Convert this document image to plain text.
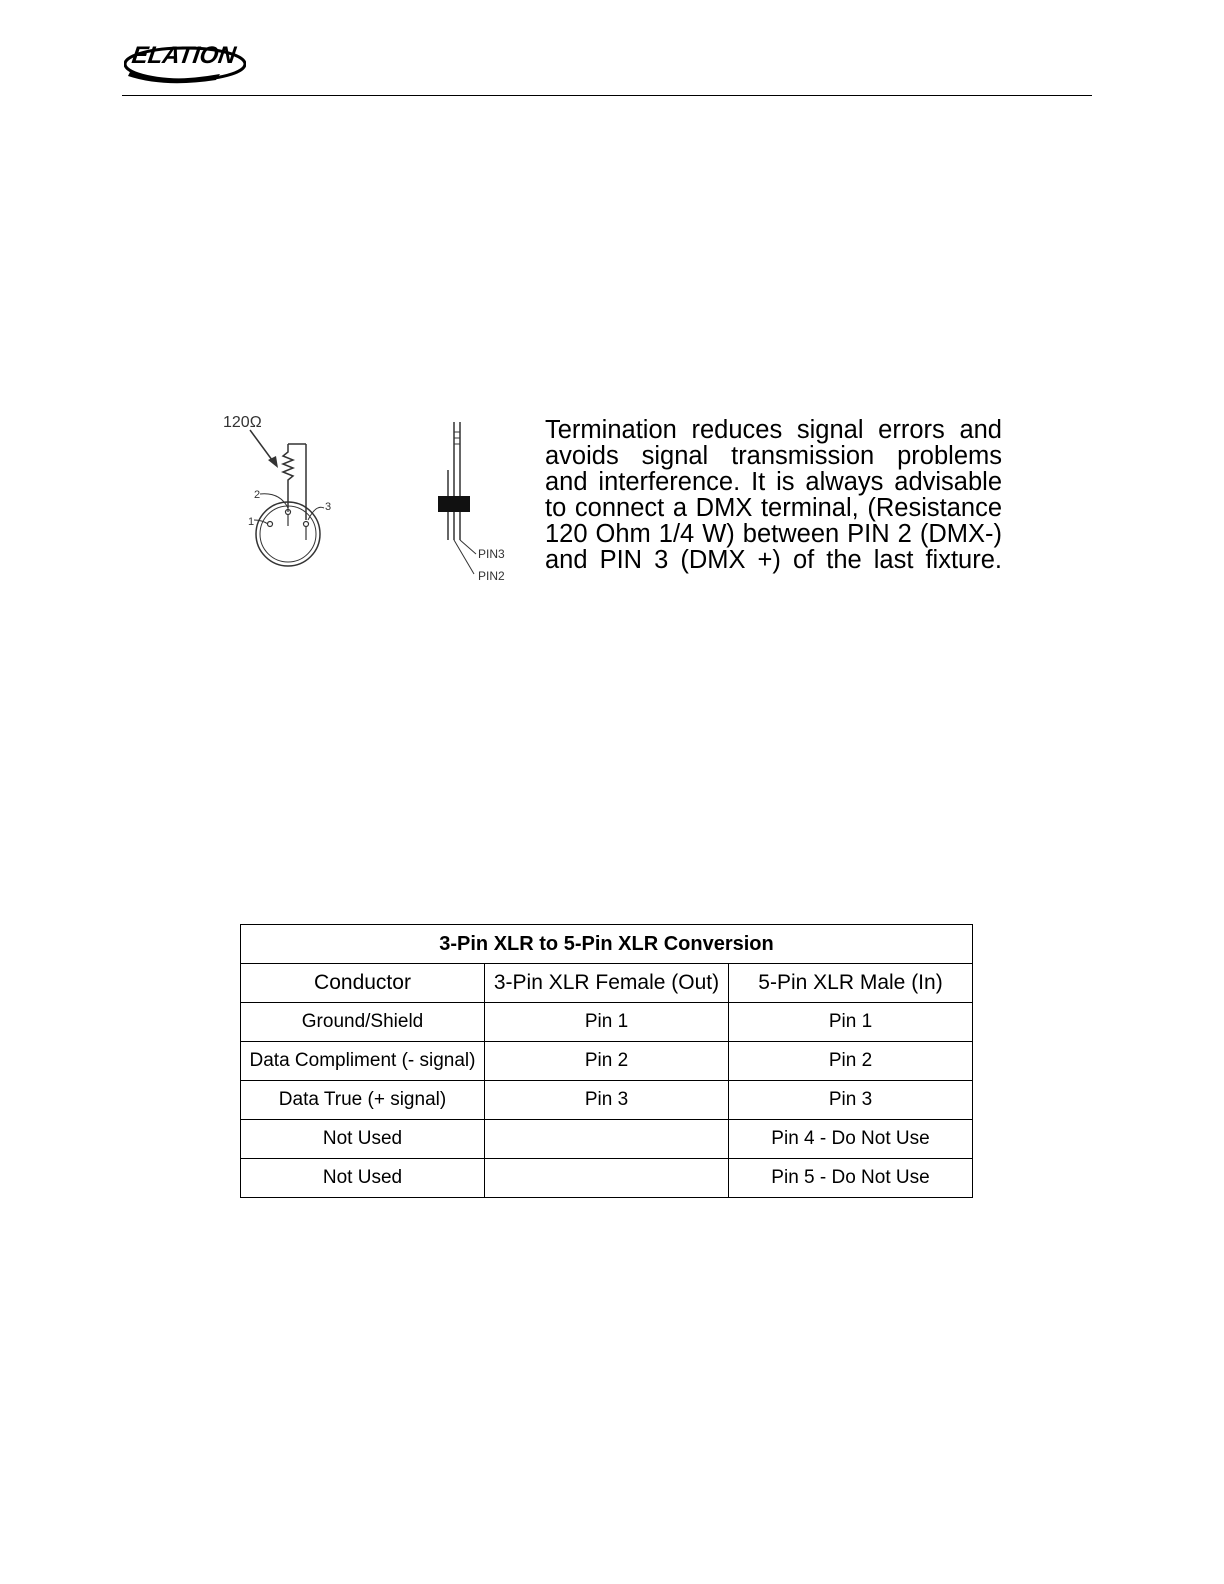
ELATION
PROFESSIONAL
120Ω
2
3
1
PIN3
PIN2

Termination reduces signal errors and avoids signal transmission problems and interference. It is always advisable to connect a DMX terminal, (Resistance 120 Ohm 1/4 W) between PIN 2 (DMX-) and PIN 3 (DMX +) of the last fixture.

3-Pin XLR to 5-Pin XLR Conversion		
Conductor	3-Pin XLR Female (Out)	5-Pin XLR Male (In)
Ground/Shield	Pin 1	Pin 1
Data Compliment (- signal)	Pin 2	Pin 2
Data True (+ signal)	Pin 3	Pin 3
Not Used		Pin 4 - Do Not Use
Not Used		Pin 5 - Do Not Use
